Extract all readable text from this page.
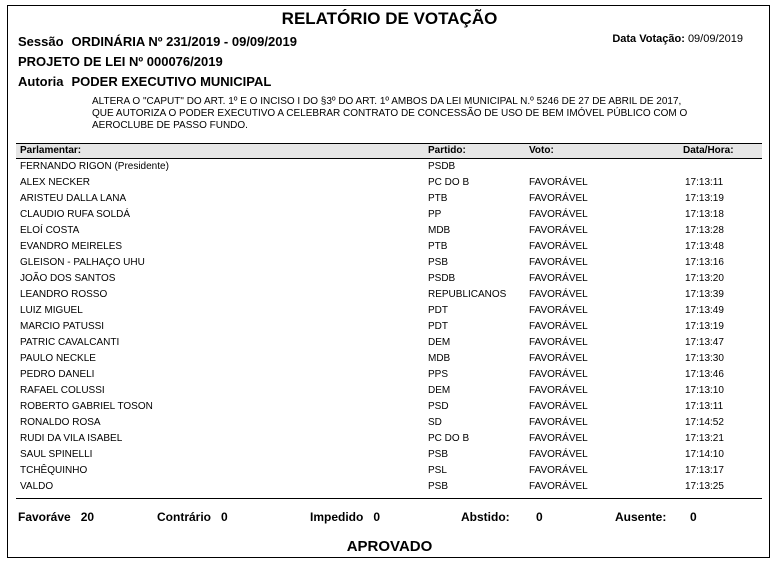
RELATÓRIO DE VOTAÇÃO
Sessão ORDINÁRIA Nº 231/2019 - 09/09/2019	Data Votação: 09/09/2019
PROJETO DE LEI Nº 000076/2019
Autoria PODER EXECUTIVO MUNICIPAL
ALTERA O "CAPUT" DO ART. 1º E O INCISO I DO §3º DO ART. 1º AMBOS DA LEI MUNICIPAL N.º 5246 DE 27 DE ABRIL DE 2017,
QUE AUTORIZA O PODER EXECUTIVO A CELEBRAR CONTRATO DE CONCESSÃO DE USO DE BEM IMÓVEL PÚBLICO COM O
AEROCLUBE DE PASSO FUNDO.
Parlamentar:	Partido:	Voto:	Data/Hora:
FERNANDO RIGON (Presidente)	PSDB
ALEX NECKER	PC DO B	FAVORÁVEL	17:13:11
ARISTEU DALLA LANA	PTB	FAVORÁVEL	17:13:19
CLAUDIO RUFA SOLDÁ	PP	FAVORÁVEL	17:13:18
ELOÍ COSTA	MDB	FAVORÁVEL	17:13:28
EVANDRO MEIRELES	PTB	FAVORÁVEL	17:13:48
GLEISON - PALHAÇO UHU	PSB	FAVORÁVEL	17:13:16
JOÃO DOS SANTOS	PSDB	FAVORÁVEL	17:13:20
LEANDRO ROSSO	REPUBLICANOS FAVORÁVEL	17:13:39
LUIZ MIGUEL	PDT	FAVORÁVEL	17:13:49
MARCIO PATUSSI	PDT	FAVORÁVEL	17:13:19
PATRIC CAVALCANTI	DEM	FAVORÁVEL	17:13:47
PAULO NECKLE	MDB	FAVORÁVEL	17:13:30
PEDRO DANELI	PPS	FAVORÁVEL	17:13:46
RAFAEL COLUSSI	DEM	FAVORÁVEL	17:13:10
ROBERTO GABRIEL TOSON	PSD	FAVORÁVEL	17:13:11
RONALDO ROSA	SD	FAVORÁVEL	17:14:52
RUDI DA VILA ISABEL	PC DO B	FAVORÁVEL	17:13:21
SAUL SPINELLI	PSB	FAVORÁVEL	17:14:10
TCHÊQUINHO	PSL	FAVORÁVEL	17:13:17
VALDO	PSB	FAVORÁVEL	17:13:25
Favoráve 20	Contrário 0	Impedido 0	Abstido: 0	Ausente: 0
APROVADO
